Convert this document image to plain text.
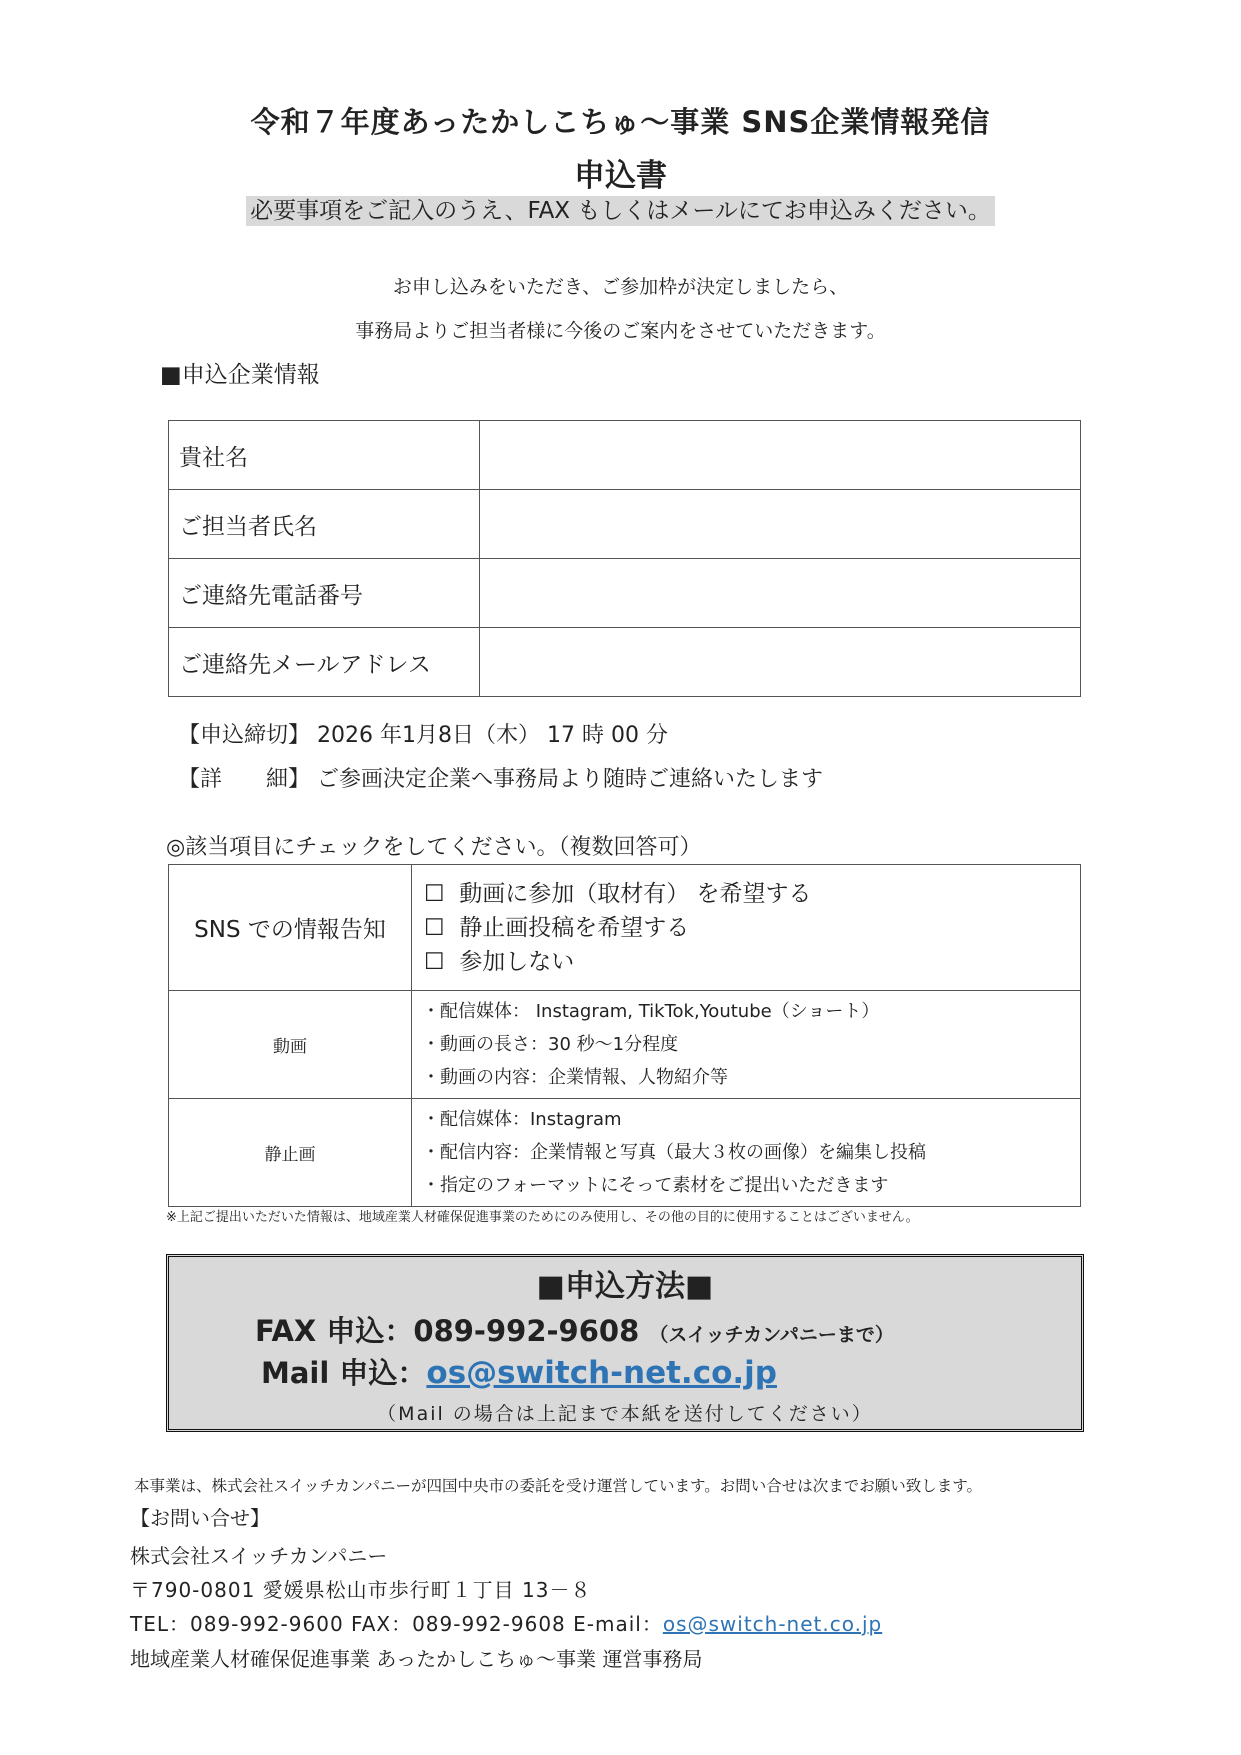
令和７年度あったかしこちゅ～事業 SNS企業情報発信
申込書
必要事項をご記入のうえ、FAX もしくはメールにてお申込みください。
お申し込みをいただき、ご参加枠が決定しましたら、
事務局よりご担当者様に今後のご案内をさせていただきます。
■申込企業情報
貴社名	
ご担当者氏名	
ご連絡先電話番号	
ご連絡先メールアドレス	
【申込締切】 2026 年1月8日（木） 17 時 00 分
【詳　　細】 ご参画決定企業へ事務局より随時ご連絡いたします
◎該当項目にチェックをしてください。（複数回答可）
SNS での情報告知	☐ 動画に参加（取材有） を希望する
☐ 静止画投稿を希望する
☐ 参加しない

動画	・配信媒体： Instagram, TikTok,Youtube（ショート）
・動画の長さ：30 秒～1分程度
・動画の内容：企業情報、人物紹介等

静止画	・配信媒体：Instagram
・配信内容：企業情報と写真（最大３枚の画像）を編集し投稿
・指定のフォーマットにそって素材をご提出いただきます
※上記ご提出いただいた情報は、地域産業人材確保促進事業のためにのみ使用し、その他の目的に使用することはございません。
■申込方法■
FAX 申込：089-992-9608 （スイッチカンパニーまで）
Mail 申込：os@switch-net.co.jp
（Mail の場合は上記まで本紙を送付してください）
本事業は、株式会社スイッチカンパニーが四国中央市の委託を受け運営しています。お問い合せは次までお願い致します。
【お問い合せ】
株式会社スイッチカンパニー
〒790-0801 愛媛県松山市歩行町１丁目 13－８
TEL：089-992-9600 FAX：089-992-9608 E-mail：os@switch-net.co.jp
地域産業人材確保促進事業 あったかしこちゅ～事業 運営事務局
